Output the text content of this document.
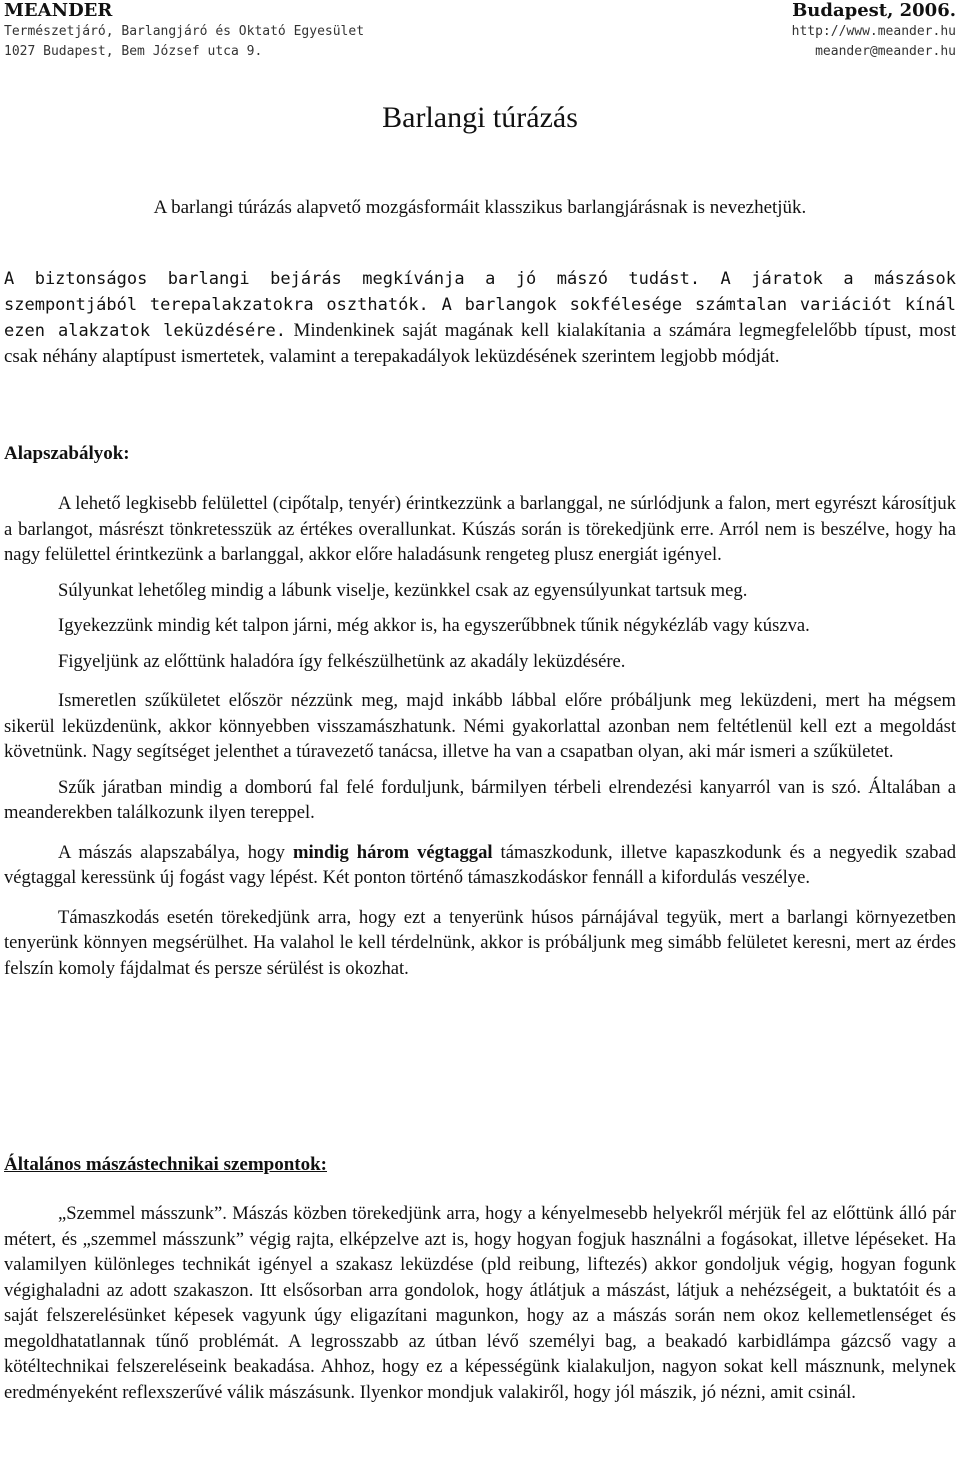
MEANDER
Természetjáró, Barlangjáró és Oktató Egyesület
1027 Budapest, Bem József utca 9.
Budapest, 2006.
http://www.meander.hu
meander@meander.hu
Barlangi túrázás

A barlangi túrázás alapvető mozgásformáit klasszikus barlangjárásnak is nevezhetjük.

A biztonságos barlangi bejárás megkívánja a jó mászó tudást. A járatok a mászások szempontjából terepalakzatokra oszthatók. A barlangok sokfélesége számtalan variációt kínál ezen alakzatok leküzdésére. Mindenkinek saját magának kell kialakítania a számára legmegfelelőbb típust, most csak néhány alaptípust ismertetek, valamint a terepakadályok leküzdésének szerintem legjobb módját.

Alapszabályok:

A lehető legkisebb felülettel (cipőtalp, tenyér) érintkezzünk a barlanggal, ne súrlódjunk a falon, mert egyrészt károsítjuk a barlangot, másrészt tönkretesszük az értékes overallunkat. Kúszás során is törekedjünk erre. Arról nem is beszélve, hogy ha nagy felülettel érintkezünk a barlanggal, akkor előre haladásunk rengeteg plusz energiát igényel.

Súlyunkat lehetőleg mindig a lábunk viselje, kezünkkel csak az egyensúlyunkat tartsuk meg.

Igyekezzünk mindig két talpon járni, még akkor is, ha egyszerűbbnek tűnik négykézláb vagy kúszva.

Figyeljünk az előttünk haladóra így felkészülhetünk az akadály leküzdésére.

Ismeretlen szűkületet először nézzünk meg, majd inkább lábbal előre próbáljunk meg leküzdeni, mert ha mégsem sikerül leküzdenünk, akkor könnyebben visszamászhatunk. Némi gyakorlattal azonban nem feltétlenül kell ezt a megoldást követnünk. Nagy segítséget jelenthet a túravezető tanácsa, illetve ha van a csapatban olyan, aki már ismeri a szűkületet.

Szűk járatban mindig a domború fal felé forduljunk, bármilyen térbeli elrendezési kanyarról van is szó. Általában a meanderekben találkozunk ilyen tereppel.

A mászás alapszabálya, hogy mindig három végtaggal támaszkodunk, illetve kapaszkodunk és a negyedik szabad végtaggal keressünk új fogást vagy lépést. Két ponton történő támaszkodáskor fennáll a kifordulás veszélye.

Támaszkodás esetén törekedjünk arra, hogy ezt a tenyerünk húsos párnájával tegyük, mert a barlangi környezetben tenyerünk könnyen megsérülhet. Ha valahol le kell térdelnünk, akkor is próbáljunk meg simább felületet keresni, mert az érdes felszín komoly fájdalmat és persze sérülést is okozhat.

Általános mászástechnikai szempontok:

„Szemmel másszunk”. Mászás közben törekedjünk arra, hogy a kényelmesebb helyekről mérjük fel az előttünk álló pár métert, és „szemmel másszunk” végig rajta, elképzelve azt is, hogy hogyan fogjuk használni a fogásokat, illetve lépéseket. Ha valamilyen különleges technikát igényel a szakasz leküzdése (pld reibung, liftezés) akkor gondoljuk végig, hogyan fogunk végighaladni az adott szakaszon. Itt elsősorban arra gondolok, hogy átlátjuk a mászást, látjuk a nehézségeit, a buktatóit és a saját felszerelésünket képesek vagyunk úgy eligazítani magunkon, hogy az a mászás során nem okoz kellemetlenséget és megoldhatatlannak tűnő problémát. A legrosszabb az útban lévő személyi bag, a beakadó karbidlámpa gázcső vagy a kötéltechnikai felszereléseink beakadása. Ahhoz, hogy ez a képességünk kialakuljon, nagyon sokat kell másznunk, melynek eredményeként reflexszerűvé válik mászásunk. Ilyenkor mondjuk valakiről, hogy jól mászik, jó nézni, amit csinál.
